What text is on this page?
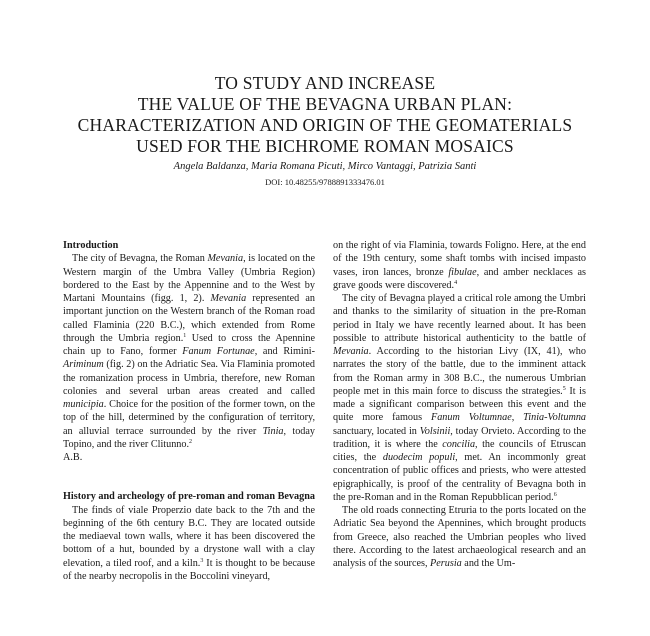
TO STUDY AND INCREASE
THE VALUE OF THE BEVAGNA URBAN PLAN:
CHARACTERIZATION AND ORIGIN OF THE GEOMATERIALS
USED FOR THE BICHROME ROMAN MOSAICS
Angela Baldanza, Maria Romana Picuti, Mirco Vantaggi, Patrizia Santi
DOI: 10.48255/9788891333476.01

Introduction

The city of Bevagna, the Roman Mevania, is located on the Western margin of the Umbra Valley (Umbria Region) bordered to the East by the Appennine and to the West by Martani Mountains (figg. 1, 2). Mevania represented an important junction on the Western branch of the Roman road called Flaminia (220 B.C.), which extended from Rome through the Umbria region.$^1$ Used to cross the Apennine chain up to Fano, former Fanum Fortunae, and Rimini-Ariminum (fig. 2) on the Adriatic Sea. Via Flaminia promoted the romanization process in Umbria, therefore, new Roman colonies and several urban areas created and called municipia. Choice for the position of the former town, on the top of the hill, determined by the configuration of territory, an alluvial terrace surrounded by the river Tinia, today Topino, and the river Clitunno.$^2$

A.B.

History and archeology of pre-roman and roman Bevagna

The finds of viale Properzio date back to the 7th and the beginning of the 6th century B.C. They are located outside the mediaeval town walls, where it has been discovered the bottom of a hut, bounded by a drystone wall with a clay elevation, a tiled roof, and a kiln.$^3$ It is thought to be because of the nearby necropolis in the Boccolini vineyard,

on the right of via Flaminia, towards Foligno. Here, at the end of the 19th century, some shaft tombs with incised impasto vases, iron lances, bronze fibulae, and amber necklaces as grave goods were discovered.$^4$

The city of Bevagna played a critical role among the Umbri and thanks to the similarity of situation in the pre-Roman period in Italy we have recently learned about. It has been possible to attribute historical authenticity to the battle of Mevania. According to the historian Livy (IX, 41), who narrates the story of the battle, due to the imminent attack from the Roman army in 308 B.C., the numerous Umbrian people met in this main force to discuss the strategies.$^5$ It is made a significant comparison between this event and the quite more famous Fanum Voltumnae, Tinia-Voltumna sanctuary, located in Volsinii, today Orvieto. According to the tradition, it is where the concilia, the councils of Etruscan cities, the duodecim populi, met. An incommonly great concentration of public offices and priests, who were attested epigraphically, is proof of the centrality of Bevagna both in the pre-Roman and in the Roman Repubblican period.$^6$

The old roads connecting Etruria to the ports located on the Adriatic Sea beyond the Apennines, which brought products from Greece, also reached the Umbrian peoples who lived there. According to the latest archaeological research and an analysis of the sources, Perusia and the Um-
